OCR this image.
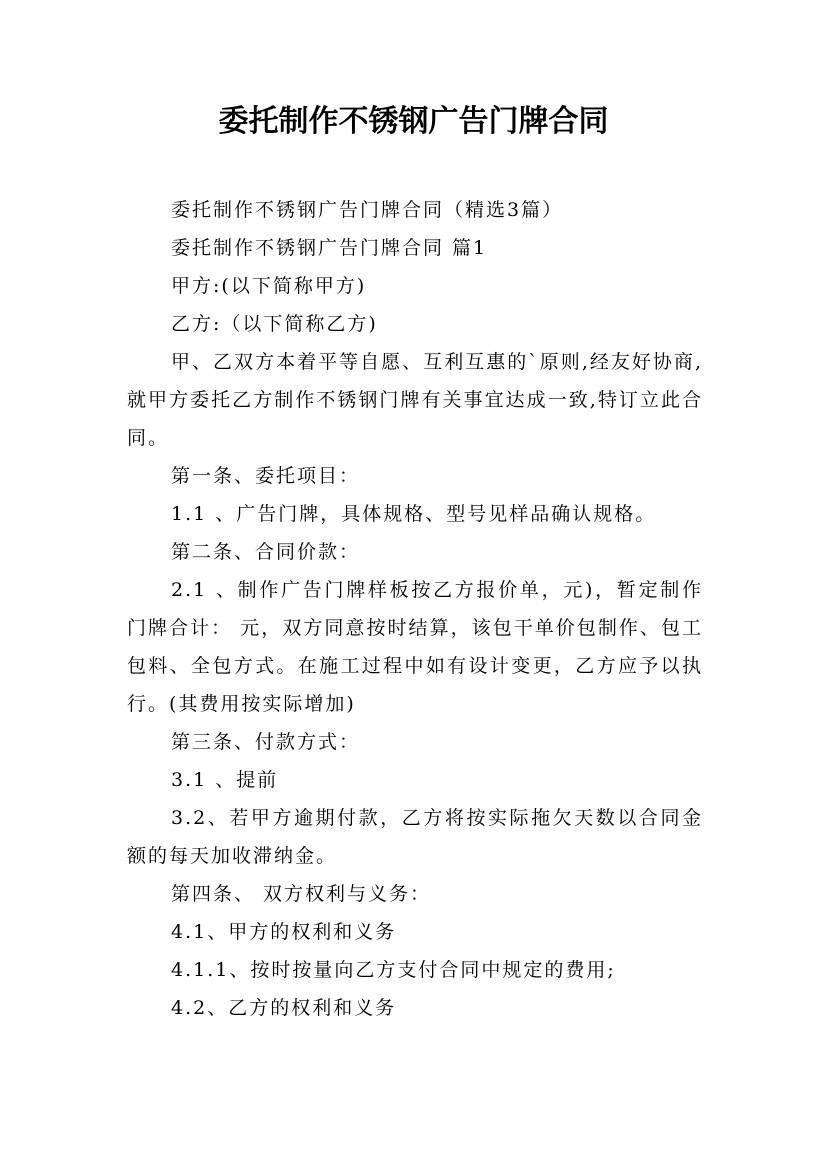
委托制作不锈钢广告门牌合同
委托制作不锈钢广告门牌合同（精选3篇）
委托制作不锈钢广告门牌合同 篇1
甲方:(以下简称甲方)
乙方:（以下简称乙方)
甲、乙双方本着平等自愿、互利互惠的`原则,经友好协商,就甲方委托乙方制作不锈钢门牌有关事宜达成一致,特订立此合同。
第一条、委托项目：
1.1 、广告门牌，具体规格、型号见样品确认规格。
第二条、合同价款：
2.1 、制作广告门牌样板按乙方报价单，元)，暂定制作门牌合计： 元，双方同意按时结算，该包干单价包制作、包工包料、全包方式。在施工过程中如有设计变更，乙方应予以执行。(其费用按实际增加)
第三条、付款方式：
3.1 、提前
3.2、若甲方逾期付款，乙方将按实际拖欠天数以合同金额的每天加收滞纳金。
第四条、 双方权利与义务：
4.1、甲方的权利和义务
4.1.1、按时按量向乙方支付合同中规定的费用;
4.2、乙方的权利和义务
